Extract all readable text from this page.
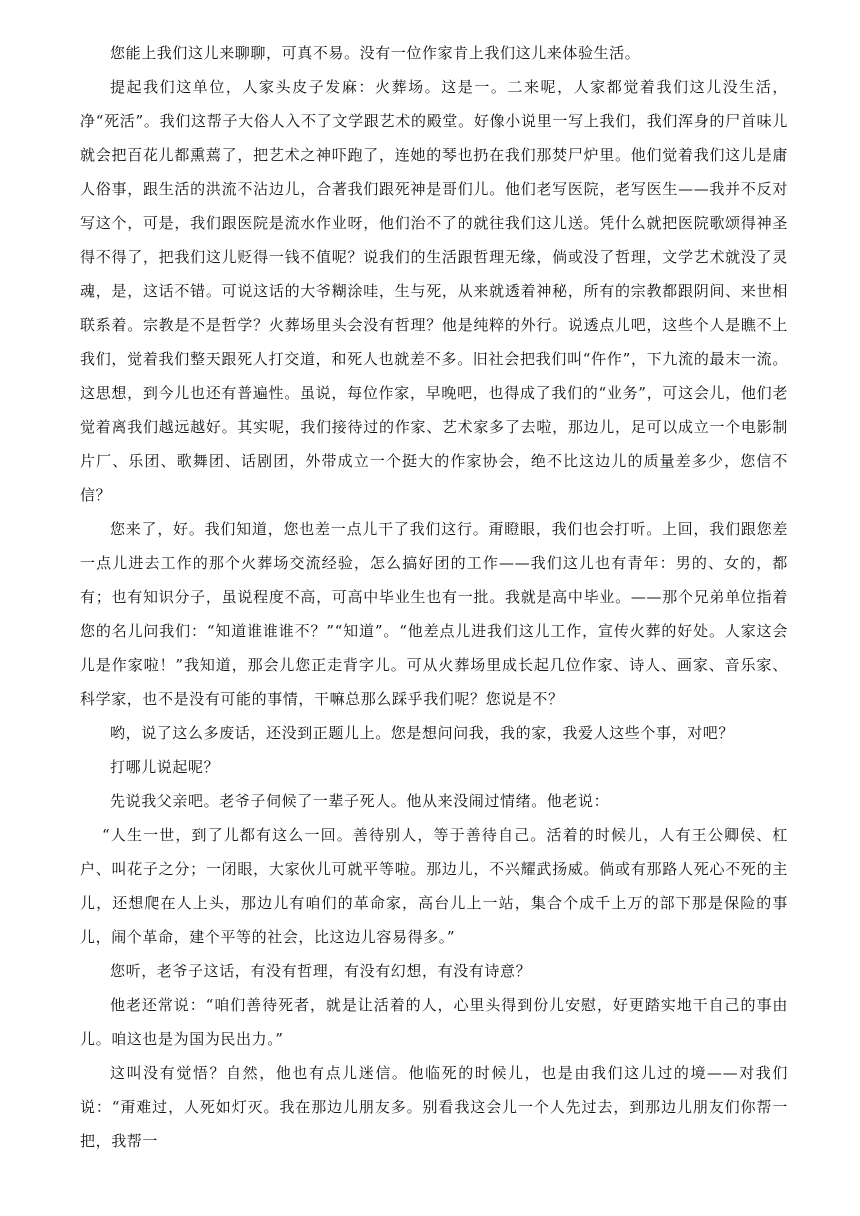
您能上我们这儿来聊聊，可真不易。没有一位作家肯上我们这儿来体验生活。

提起我们这单位，人家头皮子发麻：火葬场。这是一。二来呢，人家都觉着我们这儿没生活，净“死活”。我们这帮子大俗人入不了文学跟艺术的殿堂。好像小说里一写上我们，我们浑身的尸首味儿就会把百花儿都熏蔫了，把艺术之神吓跑了，连她的琴也扔在我们那焚尸炉里。他们觉着我们这儿是庸人俗事，跟生活的洪流不沾边儿，合著我们跟死神是哥们儿。他们老写医院，老写医生——我并不反对写这个，可是，我们跟医院是流水作业呀，他们治不了的就往我们这儿送。凭什么就把医院歌颂得神圣得不得了，把我们这儿贬得一钱不值呢？说我们的生活跟哲理无缘，倘或没了哲理，文学艺术就没了灵魂，是，这话不错。可说这话的大爷糊涂哇，生与死，从来就透着神秘，所有的宗教都跟阴间、来世相联系着。宗教是不是哲学？火葬场里头会没有哲理？他是纯粹的外行。说透点儿吧，这些个人是瞧不上我们，觉着我们整天跟死人打交道，和死人也就差不多。旧社会把我们叫“仵作”，下九流的最末一流。这思想，到今儿也还有普遍性。虽说，每位作家，早晚吧，也得成了我们的“业务”，可这会儿，他们老觉着离我们越远越好。其实呢，我们接待过的作家、艺术家多了去啦，那边儿，足可以成立一个电影制片厂、乐团、歌舞团、话剧团，外带成立一个挺大的作家协会，绝不比这边儿的质量差多少，您信不信？

您来了，好。我们知道，您也差一点儿干了我们这行。甭瞪眼，我们也会打听。上回，我们跟您差一点儿进去工作的那个火葬场交流经验，怎么搞好团的工作——我们这儿也有青年：男的、女的，都有；也有知识分子，虽说程度不高，可高中毕业生也有一批。我就是高中毕业。——那个兄弟单位指着您的名儿问我们：“知道谁谁谁不？”“知道”。“他差点儿进我们这儿工作，宣传火葬的好处。人家这会儿是作家啦！”我知道，那会儿您正走背字儿。可从火葬场里成长起几位作家、诗人、画家、音乐家、科学家，也不是没有可能的事情，干嘛总那么踩乎我们呢？您说是不？

哟，说了这么多废话，还没到正题儿上。您是想问问我，我的家，我爱人这些个事，对吧？

打哪儿说起呢？

先说我父亲吧。老爷子伺候了一辈子死人。他从来没闹过情绪。他老说：

“人生一世，到了儿都有这么一回。善待别人，等于善待自己。活着的时候儿，人有王公卿侯、杠户、叫花子之分；一闭眼，大家伙儿可就平等啦。那边儿，不兴耀武扬威。倘或有那路人死心不死的主儿，还想爬在人上头，那边儿有咱们的革命家，高台儿上一站，集合个成千上万的部下那是保险的事儿，闹个革命，建个平等的社会，比这边儿容易得多。”

您听，老爷子这话，有没有哲理，有没有幻想，有没有诗意？

他老还常说：“咱们善待死者，就是让活着的人，心里头得到份儿安慰，好更踏实地干自己的事由儿。咱这也是为国为民出力。”

这叫没有觉悟？自然，他也有点儿迷信。他临死的时候儿，也是由我们这儿过的境——对我们说：“甭难过，人死如灯灭。我在那边儿朋友多。别看我这会儿一个人先过去，到那边儿朋友们你帮一把，我帮一
